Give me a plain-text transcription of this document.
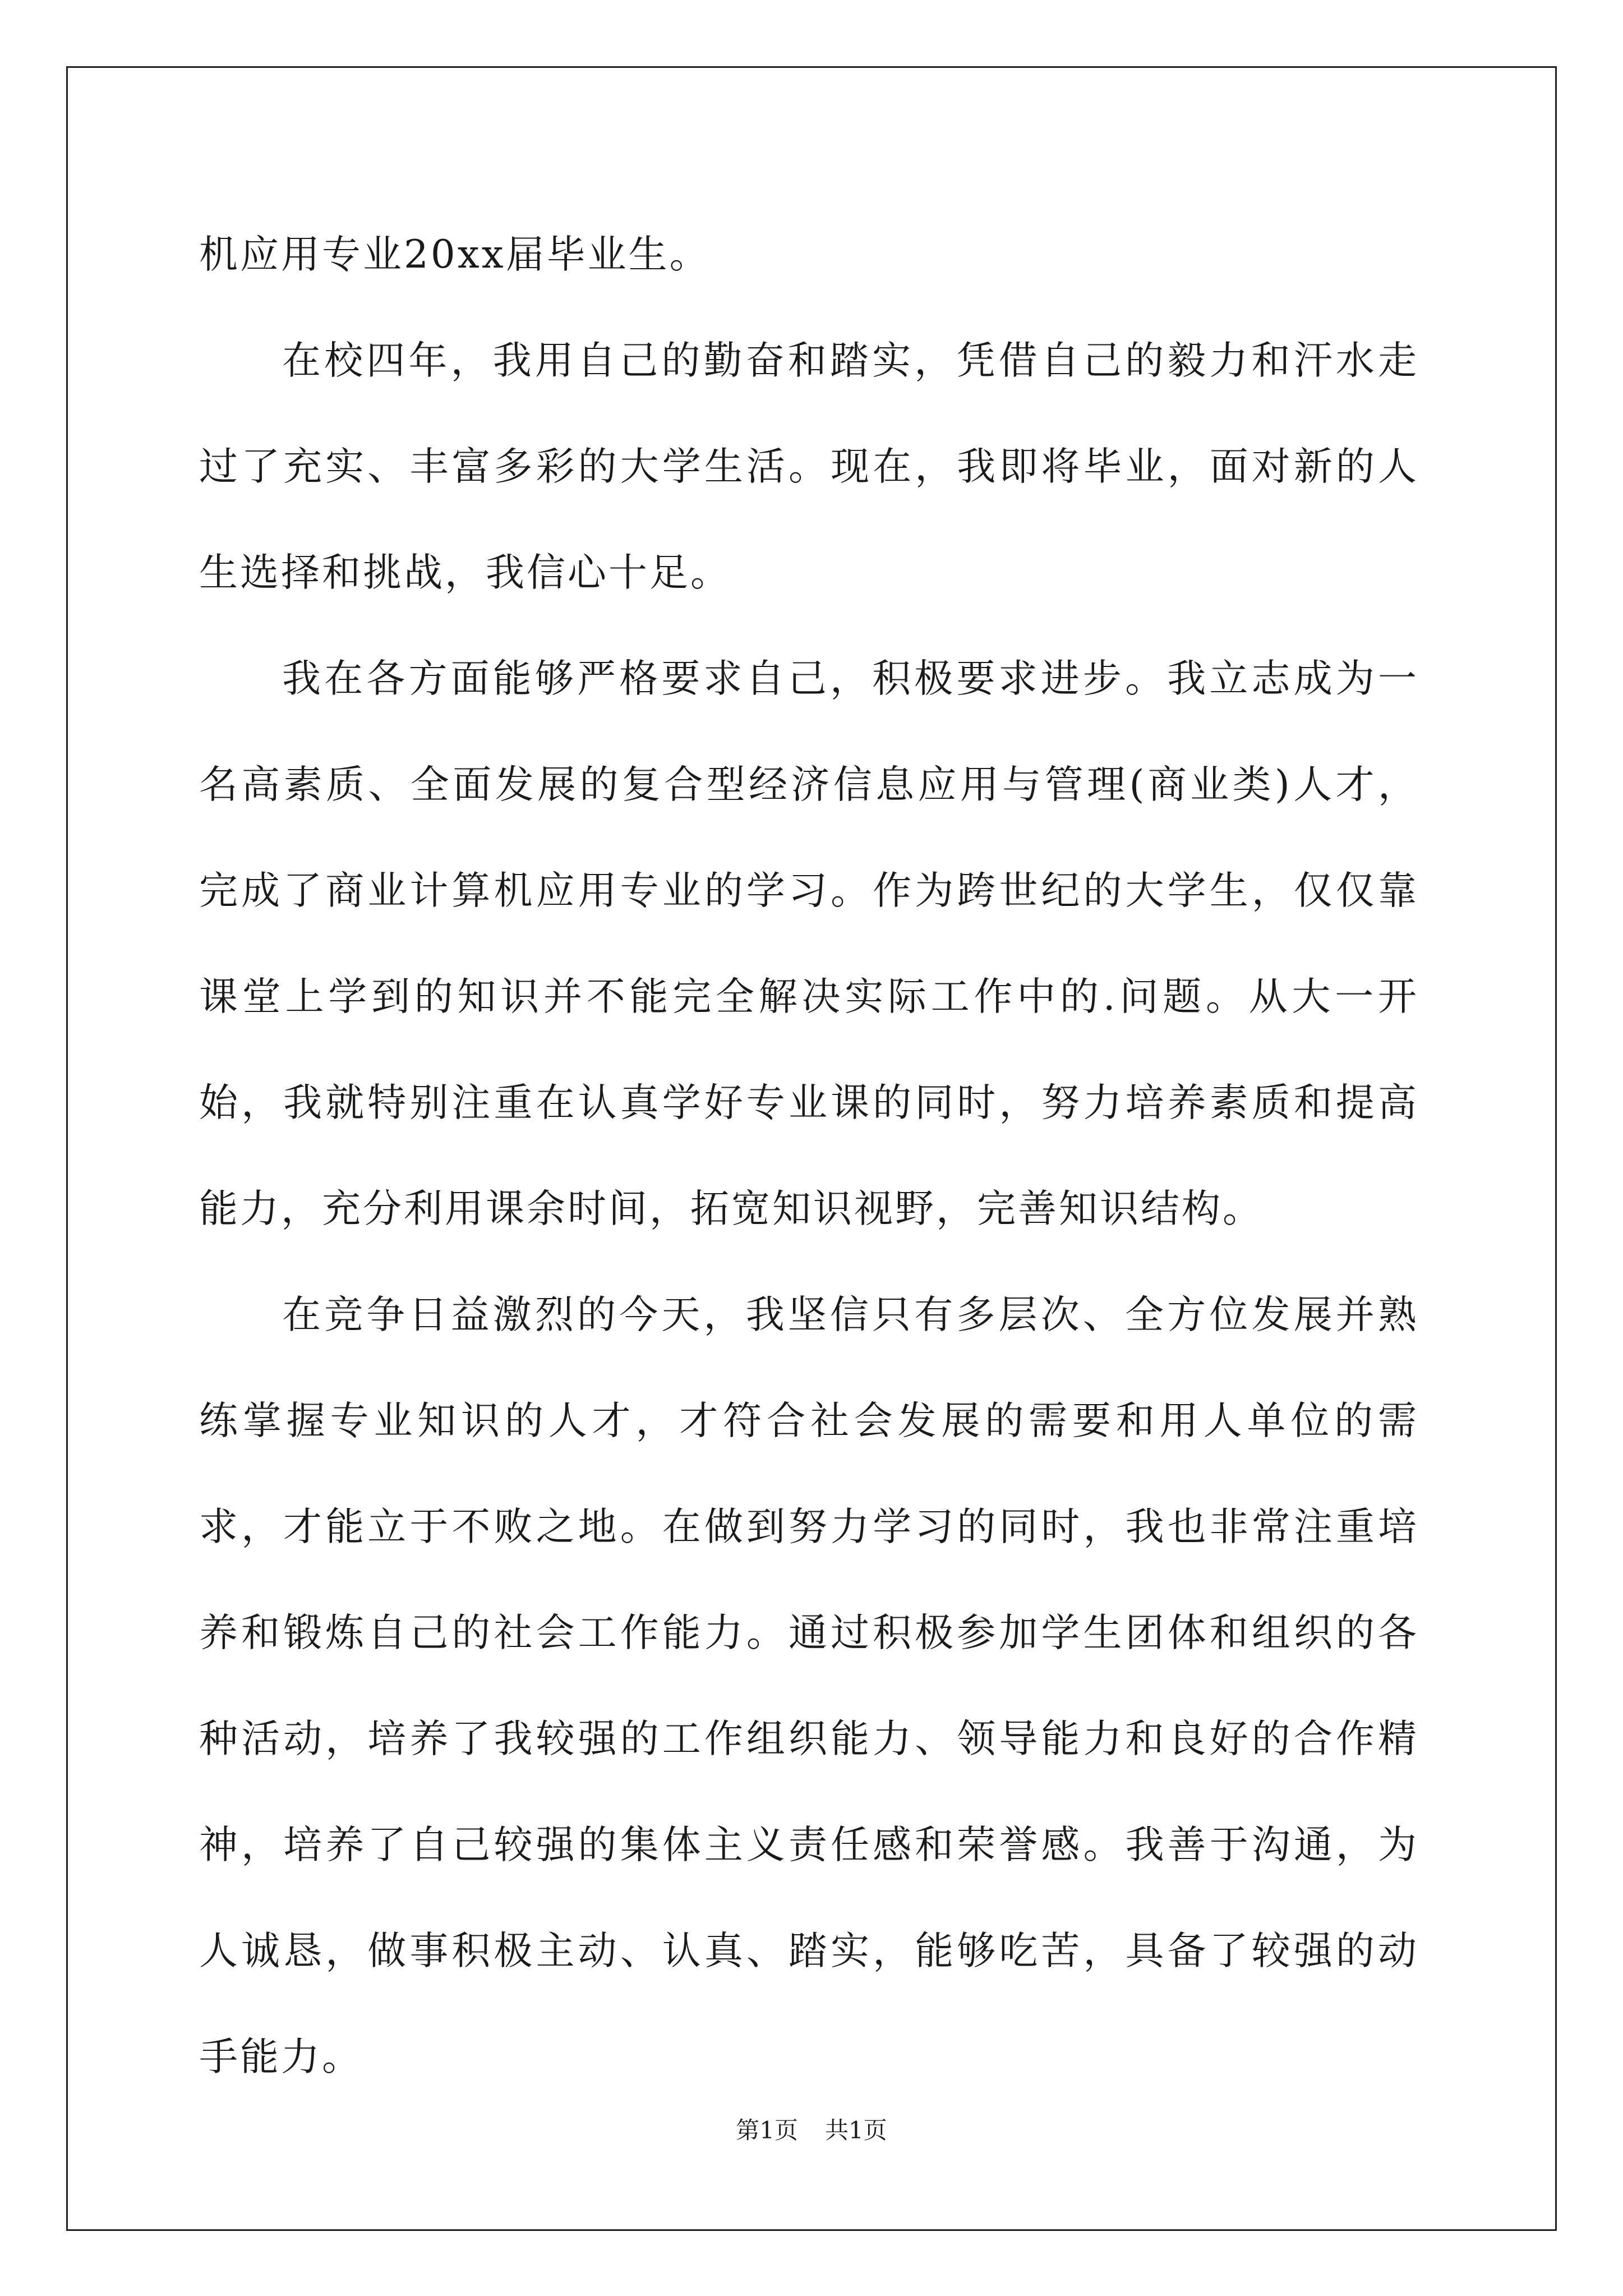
机应用专业20xx届毕业生。

在校四年，我用自己的勤奋和踏实，凭借自己的毅力和汗水走过了充实、丰富多彩的大学生活。现在，我即将毕业，面对新的人生选择和挑战，我信心十足。

我在各方面能够严格要求自己，积极要求进步。我立志成为一名高素质、全面发展的复合型经济信息应用与管理(商业类)人才，完成了商业计算机应用专业的学习。作为跨世纪的大学生，仅仅靠课堂上学到的知识并不能完全解决实际工作中的.问题。从大一开始，我就特别注重在认真学好专业课的同时，努力培养素质和提高能力，充分利用课余时间，拓宽知识视野，完善知识结构。

在竞争日益激烈的今天，我坚信只有多层次、全方位发展并熟练掌握专业知识的人才，才符合社会发展的需要和用人单位的需求，才能立于不败之地。在做到努力学习的同时，我也非常注重培养和锻炼自己的社会工作能力。通过积极参加学生团体和组织的各种活动，培养了我较强的工作组织能力、领导能力和良好的合作精神，培养了自己较强的集体主义责任感和荣誉感。我善于沟通，为人诚恳，做事积极主动、认真、踏实，能够吃苦，具备了较强的动手能力。

第1页 共1页
